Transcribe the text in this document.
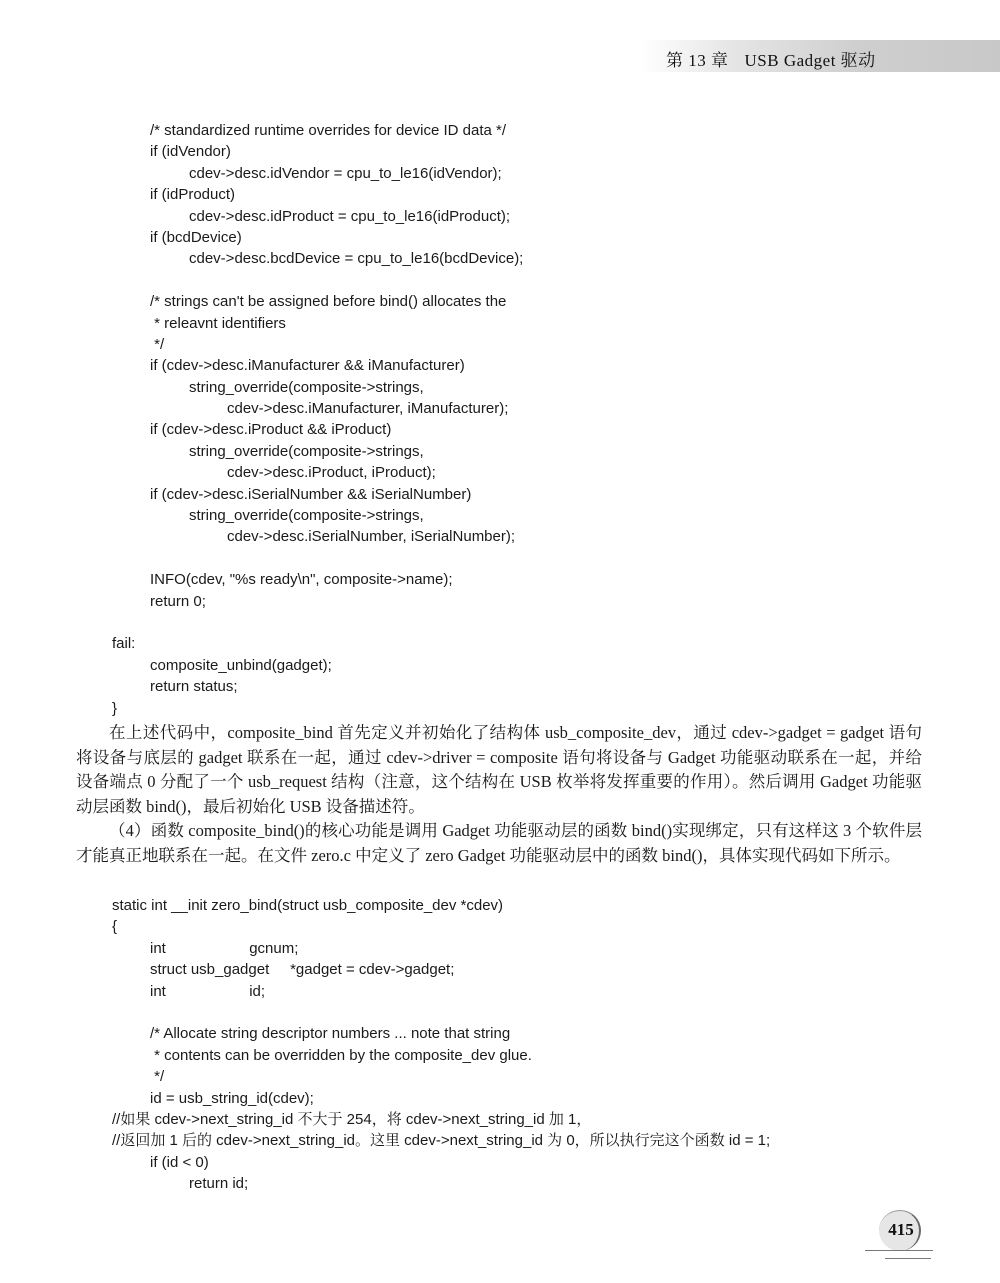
第 13 章 USB Gadget 驱动
/* standardized runtime overrides for device ID data */
if (idVendor)
cdev->desc.idVendor = cpu_to_le16(idVendor);
if (idProduct)
cdev->desc.idProduct = cpu_to_le16(idProduct);
if (bcdDevice)
cdev->desc.bcdDevice = cpu_to_le16(bcdDevice);
/* strings can't be assigned before bind() allocates the
* releavnt identifiers
*/
if (cdev->desc.iManufacturer && iManufacturer)
string_override(composite->strings,
cdev->desc.iManufacturer, iManufacturer);
if (cdev->desc.iProduct && iProduct)
string_override(composite->strings,
cdev->desc.iProduct, iProduct);
if (cdev->desc.iSerialNumber && iSerialNumber)
string_override(composite->strings,
cdev->desc.iSerialNumber, iSerialNumber);
INFO(cdev, "%s ready\n", composite->name);
return 0;
fail:
composite_unbind(gadget);
return status;
}

在上述代码中，composite_bind 首先定义并初始化了结构体 usb_composite_dev，通过 cdev->gadget = gadget 语句将设备与底层的 gadget 联系在一起，通过 cdev->driver = composite 语句将设备与 Gadget 功能驱动联系在一起，并给设备端点 0 分配了一个 usb_request 结构（注意，这个结构在 USB 枚举将发挥重要的作用）。然后调用 Gadget 功能驱动层函数 bind()，最后初始化 USB 设备描述符。

（4）函数 composite_bind()的核心功能是调用 Gadget 功能驱动层的函数 bind()实现绑定，只有这样这 3 个软件层才能真正地联系在一起。在文件 zero.c 中定义了 zero Gadget 功能驱动层中的函数 bind()，具体实现代码如下所示。

static int __init zero_bind(struct usb_composite_dev *cdev)
{
int                    gcnum;
struct usb_gadget     *gadget = cdev->gadget;
int                    id;
/* Allocate string descriptor numbers ... note that string
* contents can be overridden by the composite_dev glue.
*/
id = usb_string_id(cdev);
//如果 cdev->next_string_id 不大于 254，将 cdev->next_string_id 加 1，
//返回加 1 后的 cdev->next_string_id。这里 cdev->next_string_id 为 0，所以执行完这个函数 id = 1;
if (id < 0)
return id;
415
